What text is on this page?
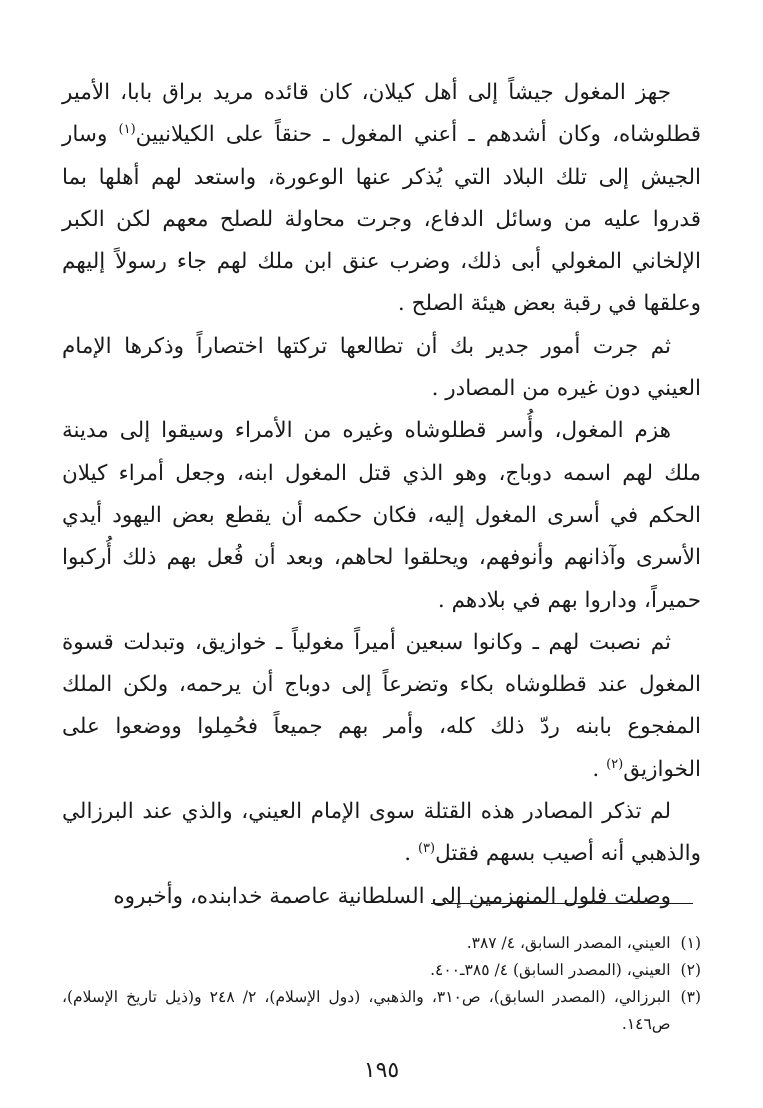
جهز المغول جيشاً إلى أهل كيلان، كان قائده مريد براق بابا، الأمير قطلوشاه، وكان أشدهم ـ أعني المغول ـ حنقاً على الكيلانيين$^{(١)}$ وسار الجيش إلى تلك البلاد التي يُذكر عنها الوعورة، واستعد لهم أهلها بما قدروا عليه من وسائل الدفاع، وجرت محاولة للصلح معهم لكن الكبر الإلخاني المغولي أبى ذلك، وضرب عنق ابن ملك لهم جاء رسولاً إليهم وعلقها في رقبة بعض هيئة الصلح .

ثم جرت أمور جدير بك أن تطالعها تركتها اختصاراً وذكرها الإمام العيني دون غيره من المصادر .

هزم المغول، وأُسر قطلوشاه وغيره من الأمراء وسيقوا إلى مدينة ملك لهم اسمه دوباج، وهو الذي قتل المغول ابنه، وجعل أمراء كيلان الحكم في أسرى المغول إليه، فكان حكمه أن يقطع بعض اليهود أيدي الأسرى وآذانهم وأنوفهم، ويحلقوا لحاهم، وبعد أن فُعل بهم ذلك أُركبوا حميراً، وداروا بهم في بلادهم .

ثم نصبت لهم ـ وكانوا سبعين أميراً مغولياً ـ خوازيق، وتبدلت قسوة المغول عند قطلوشاه بكاء وتضرعاً إلى دوباج أن يرحمه، ولكن الملك المفجوع بابنه ردّ ذلك كله، وأمر بهم جميعاً فحُمِلوا ووضعوا على الخوازيق$^{(٢)}$ .

لم تذكر المصادر هذه القتلة سوى الإمام العيني، والذي عند البرزالي والذهبي أنه أصيب بسهم فقتل$^{(٣)}$ .

وصلت فلول المنهزمين إلى السلطانية عاصمة خدابنده، وأخبروه

(١)
العيني، المصدر السابق، ٤/ ٣٨٧.
(٢)
العيني، (المصدر السابق) ٤/ ٣٨٥ـ٤٠٠.
(٣)
البرزالي، (المصدر السابق)، ص٣١٠، والذهبي، (دول الإسلام)، ٢/ ٢٤٨ و(ذيل تاريخ الإسلام)، ص١٤٦.
١٩٥
